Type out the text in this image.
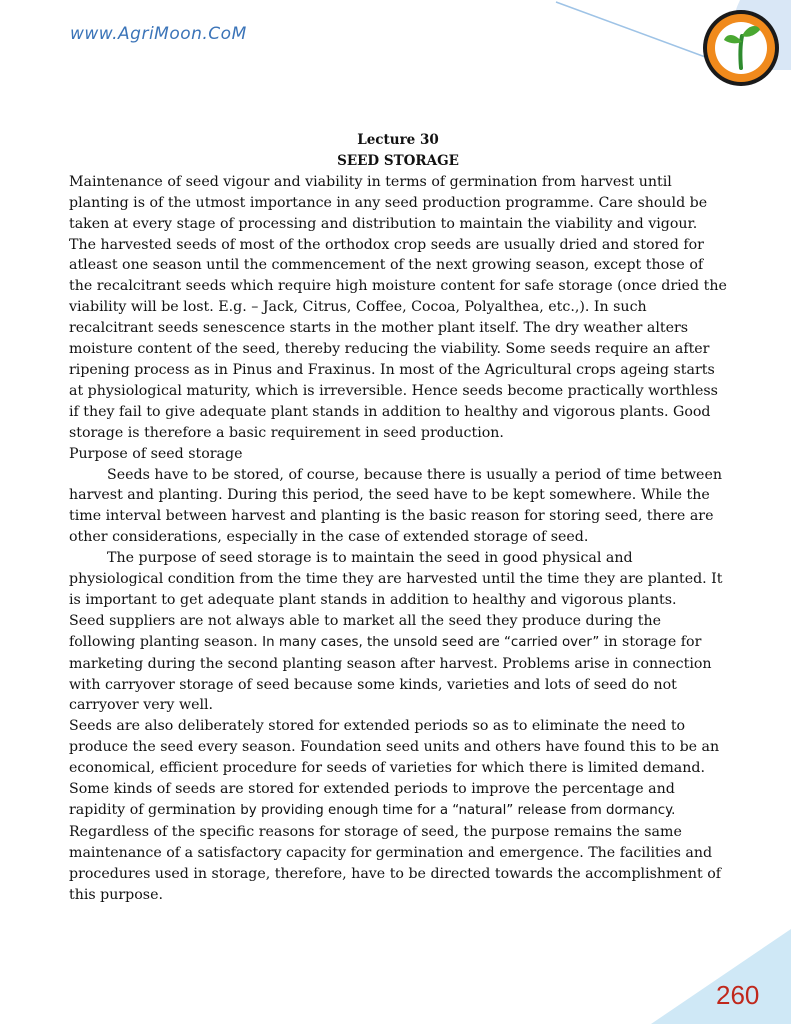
www.AgriMoon.CoM
260
Lecture 30
SEED STORAGE

Maintenance of seed vigour and viability in terms of germination from harvest until planting is of the utmost importance in any seed production programme. Care should be taken at every stage of processing and distribution to maintain the viability and vigour. The harvested seeds of most of the orthodox crop seeds are usually dried and stored for atleast one season until the commencement of the next growing season, except those of the recalcitrant seeds which require high moisture content for safe storage (once dried the viability will be lost. E.g. – Jack, Citrus, Coffee, Cocoa, Polyalthea, etc.,). In such recalcitrant seeds senescence starts in the mother plant itself. The dry weather alters moisture content of the seed, thereby reducing the viability. Some seeds require an after ripening process as in Pinus and Fraxinus. In most of the Agricultural crops ageing starts at physiological maturity, which is irreversible. Hence seeds become practically worthless if they fail to give adequate plant stands in addition to healthy and vigorous plants. Good storage is therefore a basic requirement in seed production.

Purpose of seed storage

Seeds have to be stored, of course, because there is usually a period of time between harvest and planting. During this period, the seed have to be kept somewhere. While the time interval between harvest and planting is the basic reason for storing seed, there are other considerations, especially in the case of extended storage of seed.

The purpose of seed storage is to maintain the seed in good physical and physiological condition from the time they are harvested until the time they are planted. It is important to get adequate plant stands in addition to healthy and vigorous plants.

Seed suppliers are not always able to market all the seed they produce during the following planting season. In many cases, the unsold seed are “carried over” in storage for marketing during the second planting season after harvest. Problems arise in connection with carryover storage of seed because some kinds, varieties and lots of seed do not carryover very well.

Seeds are also deliberately stored for extended periods so as to eliminate the need to produce the seed every season. Foundation seed units and others have found this to be an economical, efficient procedure for seeds of varieties for which there is limited demand. Some kinds of seeds are stored for extended periods to improve the percentage and rapidity of germination by providing enough time for a “natural” release from dormancy.

Regardless of the specific reasons for storage of seed, the purpose remains the same maintenance of a satisfactory capacity for germination and emergence. The facilities and procedures used in storage, therefore, have to be directed towards the accomplishment of this purpose.
